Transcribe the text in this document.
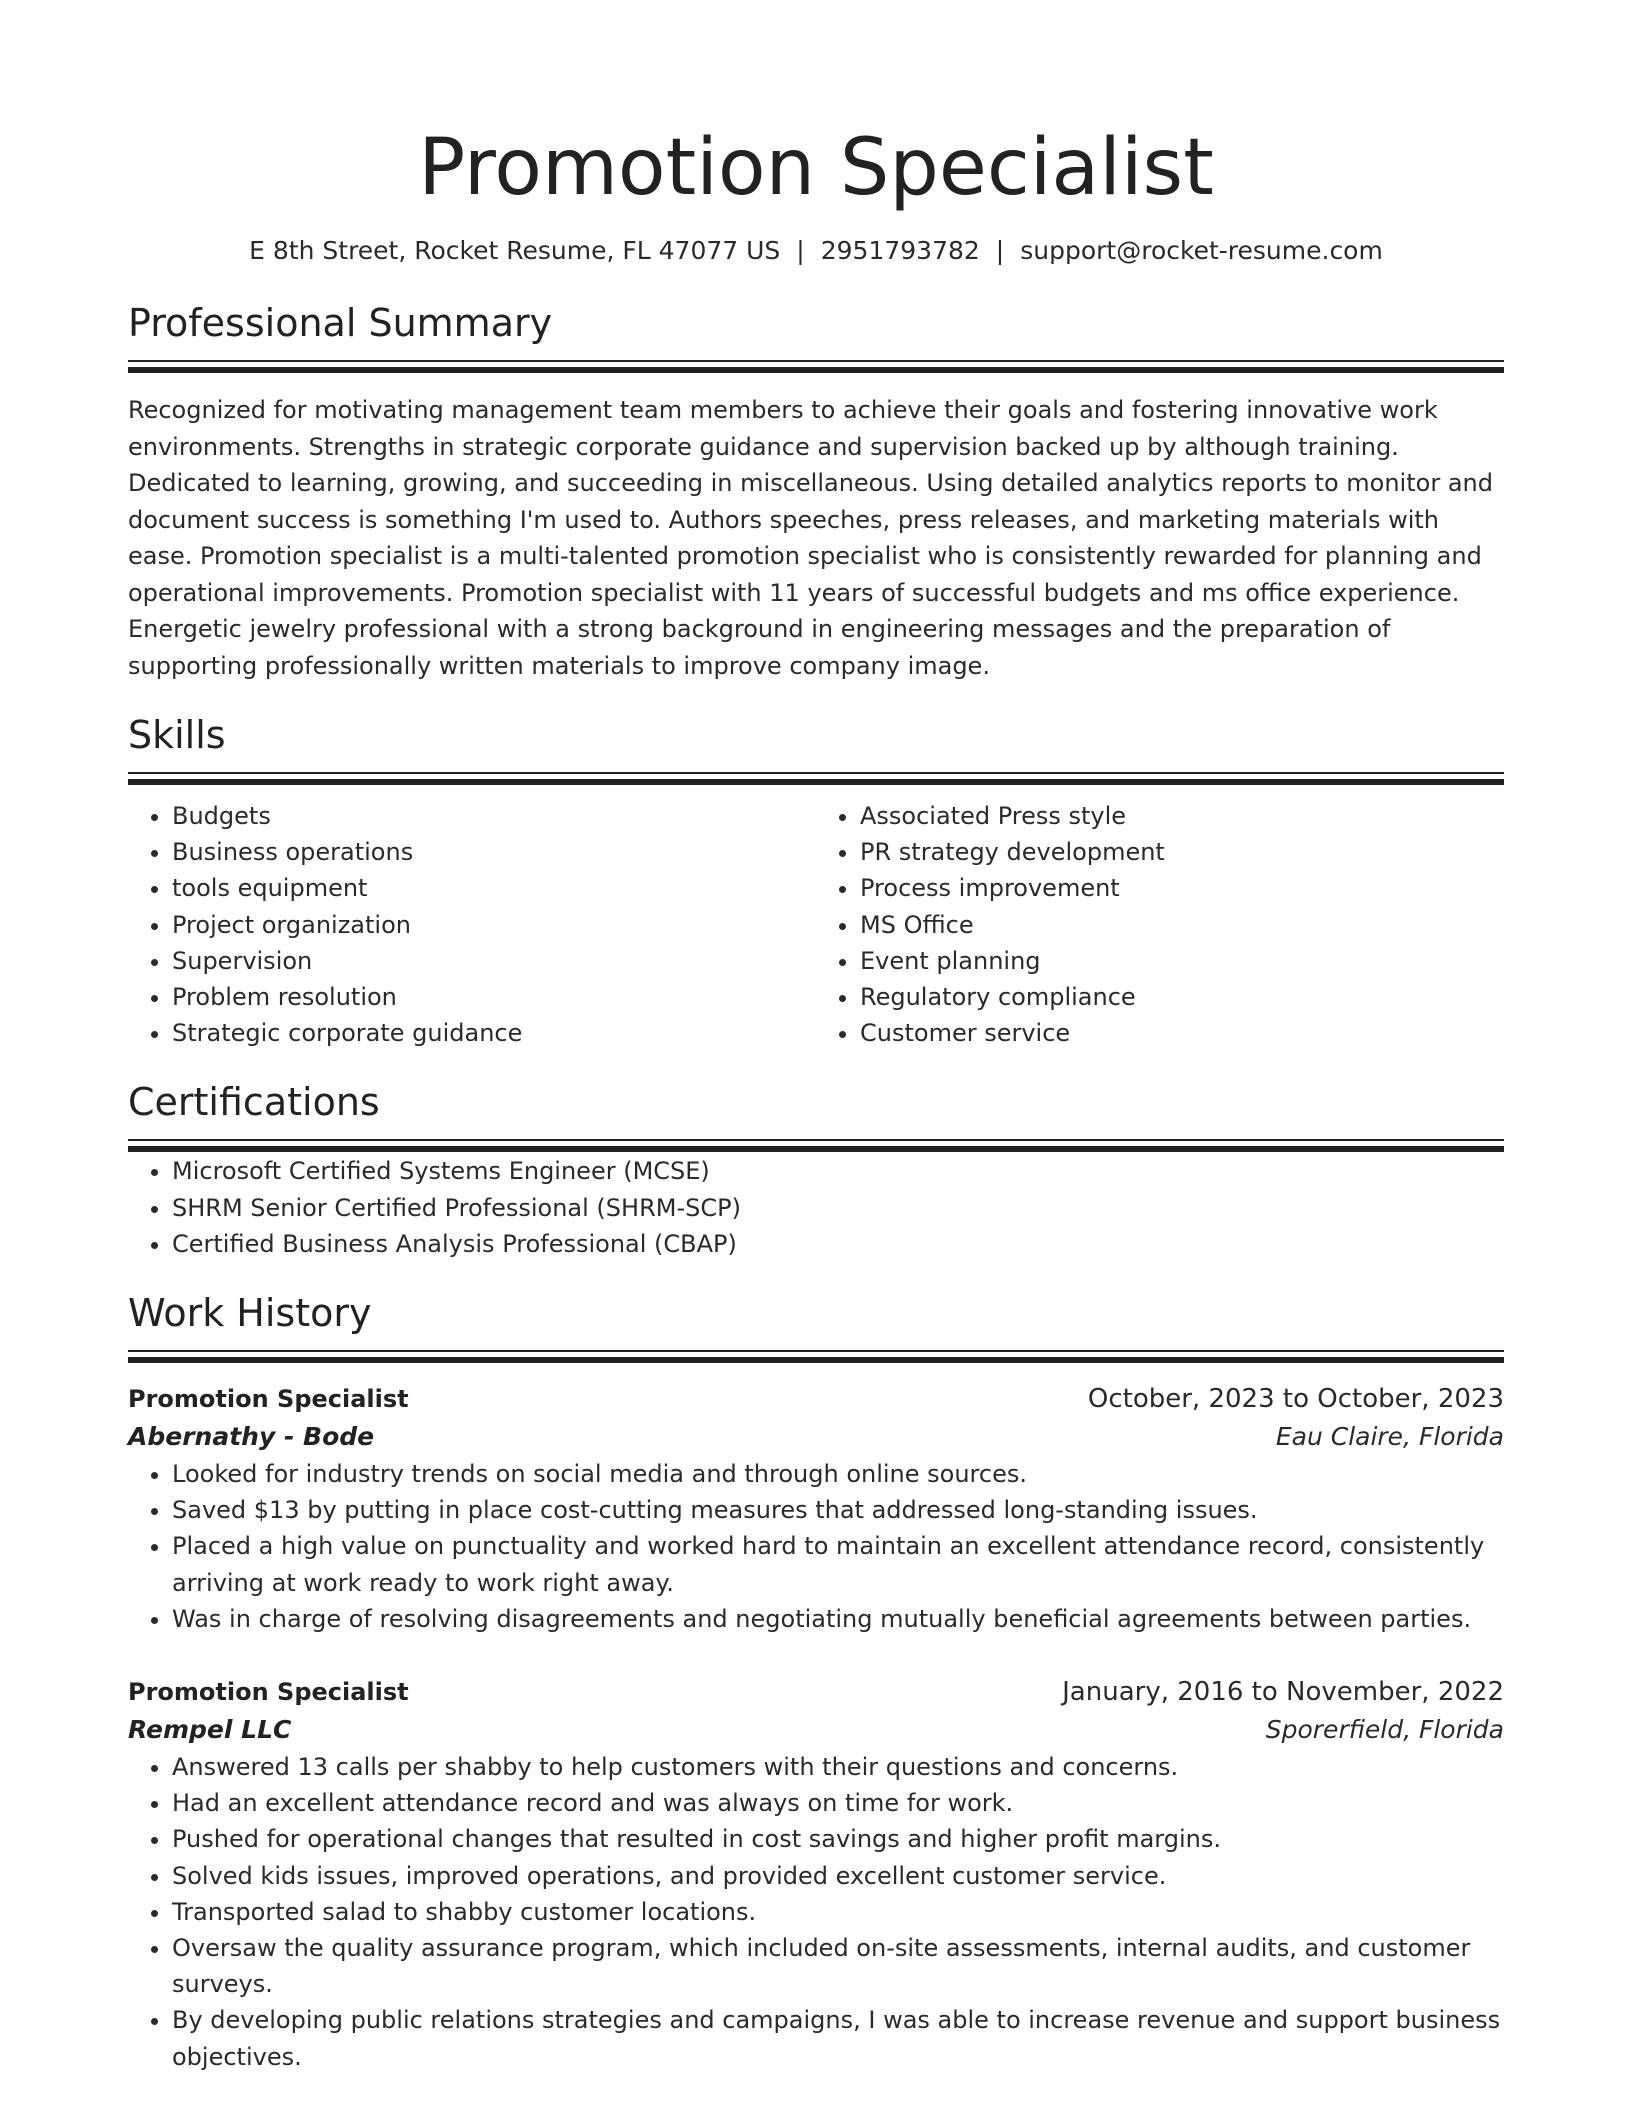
Promotion Specialist
E 8th Street, Rocket Resume, FL 47077 US | 2951793782 | support@rocket-resume.com
Professional Summary
Recognized for motivating management team members to achieve their goals and fostering innovative work environments. Strengths in strategic corporate guidance and supervision backed up by although training. Dedicated to learning, growing, and succeeding in miscellaneous. Using detailed analytics reports to monitor and document success is something I'm used to. Authors speeches, press releases, and marketing materials with ease. Promotion specialist is a multi-talented promotion specialist who is consistently rewarded for planning and operational improvements. Promotion specialist with 11 years of successful budgets and ms office experience. Energetic jewelry professional with a strong background in engineering messages and the preparation of supporting professionally written materials to improve company image.
Skills
• Budgets
• Business operations
• tools equipment
• Project organization
• Supervision
• Problem resolution
• Strategic corporate guidance
• Associated Press style
• PR strategy development
• Process improvement
• MS Office
• Event planning
• Regulatory compliance
• Customer service
Certifications
• Microsoft Certified Systems Engineer (MCSE)
• SHRM Senior Certified Professional (SHRM-SCP)
• Certified Business Analysis Professional (CBAP)
Work History
Promotion Specialist	October, 2023 to October, 2023
Abernathy - Bode	Eau Claire, Florida
• Looked for industry trends on social media and through online sources.
• Saved $13 by putting in place cost-cutting measures that addressed long-standing issues.
• Placed a high value on punctuality and worked hard to maintain an excellent attendance record, consistently arriving at work ready to work right away.
• Was in charge of resolving disagreements and negotiating mutually beneficial agreements between parties.
Promotion Specialist	January, 2016 to November, 2022
Rempel LLC	Sporerfield, Florida
• Answered 13 calls per shabby to help customers with their questions and concerns.
• Had an excellent attendance record and was always on time for work.
• Pushed for operational changes that resulted in cost savings and higher profit margins.
• Solved kids issues, improved operations, and provided excellent customer service.
• Transported salad to shabby customer locations.
• Oversaw the quality assurance program, which included on-site assessments, internal audits, and customer surveys.
• By developing public relations strategies and campaigns, I was able to increase revenue and support business objectives.
